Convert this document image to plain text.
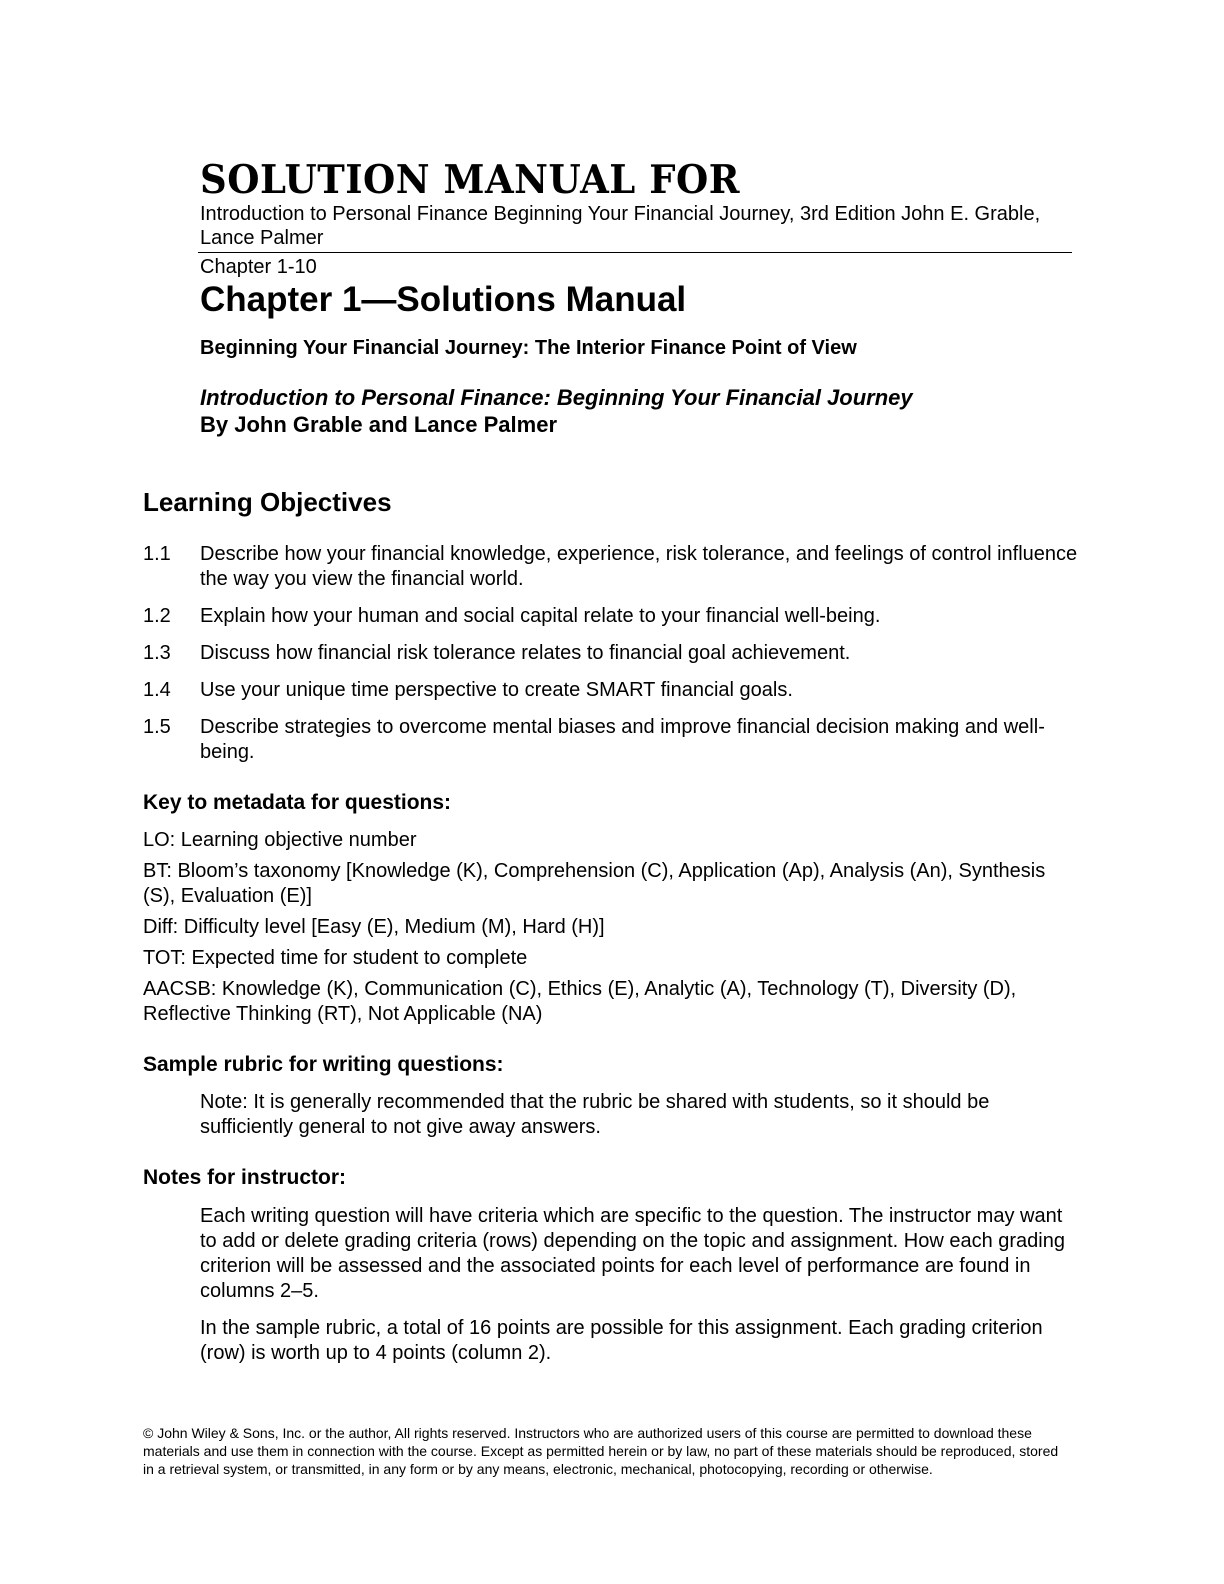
SOLUTION MANUAL FOR
Introduction to Personal Finance Beginning Your Financial Journey, 3rd Edition John E. Grable, Lance Palmer
Chapter 1-10
Chapter 1—Solutions Manual
Beginning Your Financial Journey: The Interior Finance Point of View
Introduction to Personal Finance: Beginning Your Financial Journey
By John Grable and Lance Palmer
Learning Objectives
1.1 Describe how your financial knowledge, experience, risk tolerance, and feelings of control influence the way you view the financial world.
1.2 Explain how your human and social capital relate to your financial well-being.
1.3 Discuss how financial risk tolerance relates to financial goal achievement.
1.4 Use your unique time perspective to create SMART financial goals.
1.5 Describe strategies to overcome mental biases and improve financial decision making and well-being.
Key to metadata for questions:

LO: Learning objective number

BT: Bloom’s taxonomy [Knowledge (K), Comprehension (C), Application (Ap), Analysis (An), Synthesis (S), Evaluation (E)]

Diff: Difficulty level [Easy (E), Medium (M), Hard (H)]

TOT: Expected time for student to complete

AACSB: Knowledge (K), Communication (C), Ethics (E), Analytic (A), Technology (T), Diversity (D), Reflective Thinking (RT), Not Applicable (NA)

Sample rubric for writing questions:

Note: It is generally recommended that the rubric be shared with students, so it should be sufficiently general to not give away answers.

Notes for instructor:

Each writing question will have criteria which are specific to the question. The instructor may want to add or delete grading criteria (rows) depending on the topic and assignment. How each grading criterion will be assessed and the associated points for each level of performance are found in columns 2–5.

In the sample rubric, a total of 16 points are possible for this assignment. Each grading criterion (row) is worth up to 4 points (column 2).

© John Wiley & Sons, Inc. or the author, All rights reserved. Instructors who are authorized users of this course are permitted to download these materials and use them in connection with the course. Except as permitted herein or by law, no part of these materials should be reproduced, stored in a retrieval system, or transmitted, in any form or by any means, electronic, mechanical, photocopying, recording or otherwise.
